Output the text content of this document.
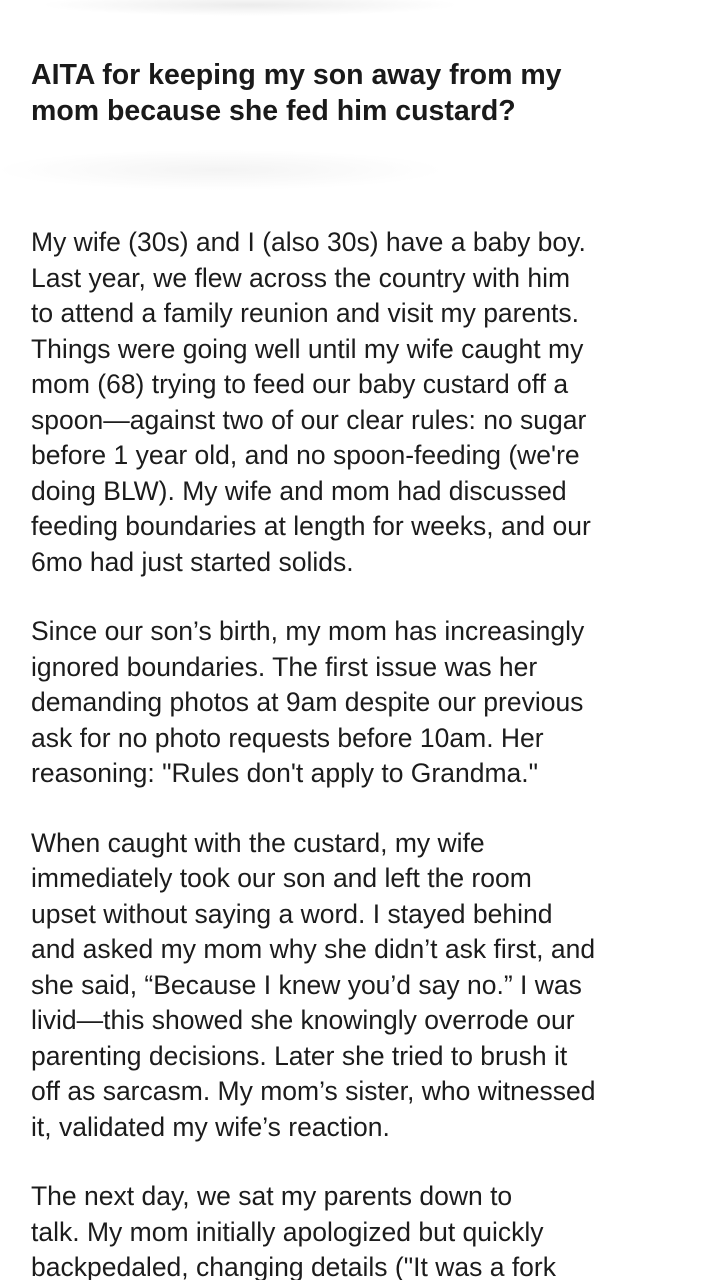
AITA for keeping my son away from my
mom because she fed him custard?

My wife (30s) and I (also 30s) have a baby boy.
Last year, we flew across the country with him
to attend a family reunion and visit my parents.
Things were going well until my wife caught my
mom (68) trying to feed our baby custard off a
spoon—against two of our clear rules: no sugar
before 1 year old, and no spoon-feeding (we're
doing BLW). My wife and mom had discussed
feeding boundaries at length for weeks, and our
6mo had just started solids.

Since our son’s birth, my mom has increasingly
ignored boundaries. The first issue was her
demanding photos at 9am despite our previous
ask for no photo requests before 10am. Her
reasoning: "Rules don't apply to Grandma."

When caught with the custard, my wife
immediately took our son and left the room
upset without saying a word. I stayed behind
and asked my mom why she didn’t ask first, and
she said, “Because I knew you’d say no.” I was
livid—this showed she knowingly overrode our
parenting decisions. Later she tried to brush it
off as sarcasm. My mom’s sister, who witnessed
it, validated my wife’s reaction.

The next day, we sat my parents down to
talk. My mom initially apologized but quickly
backpedaled, changing details ("It was a fork
